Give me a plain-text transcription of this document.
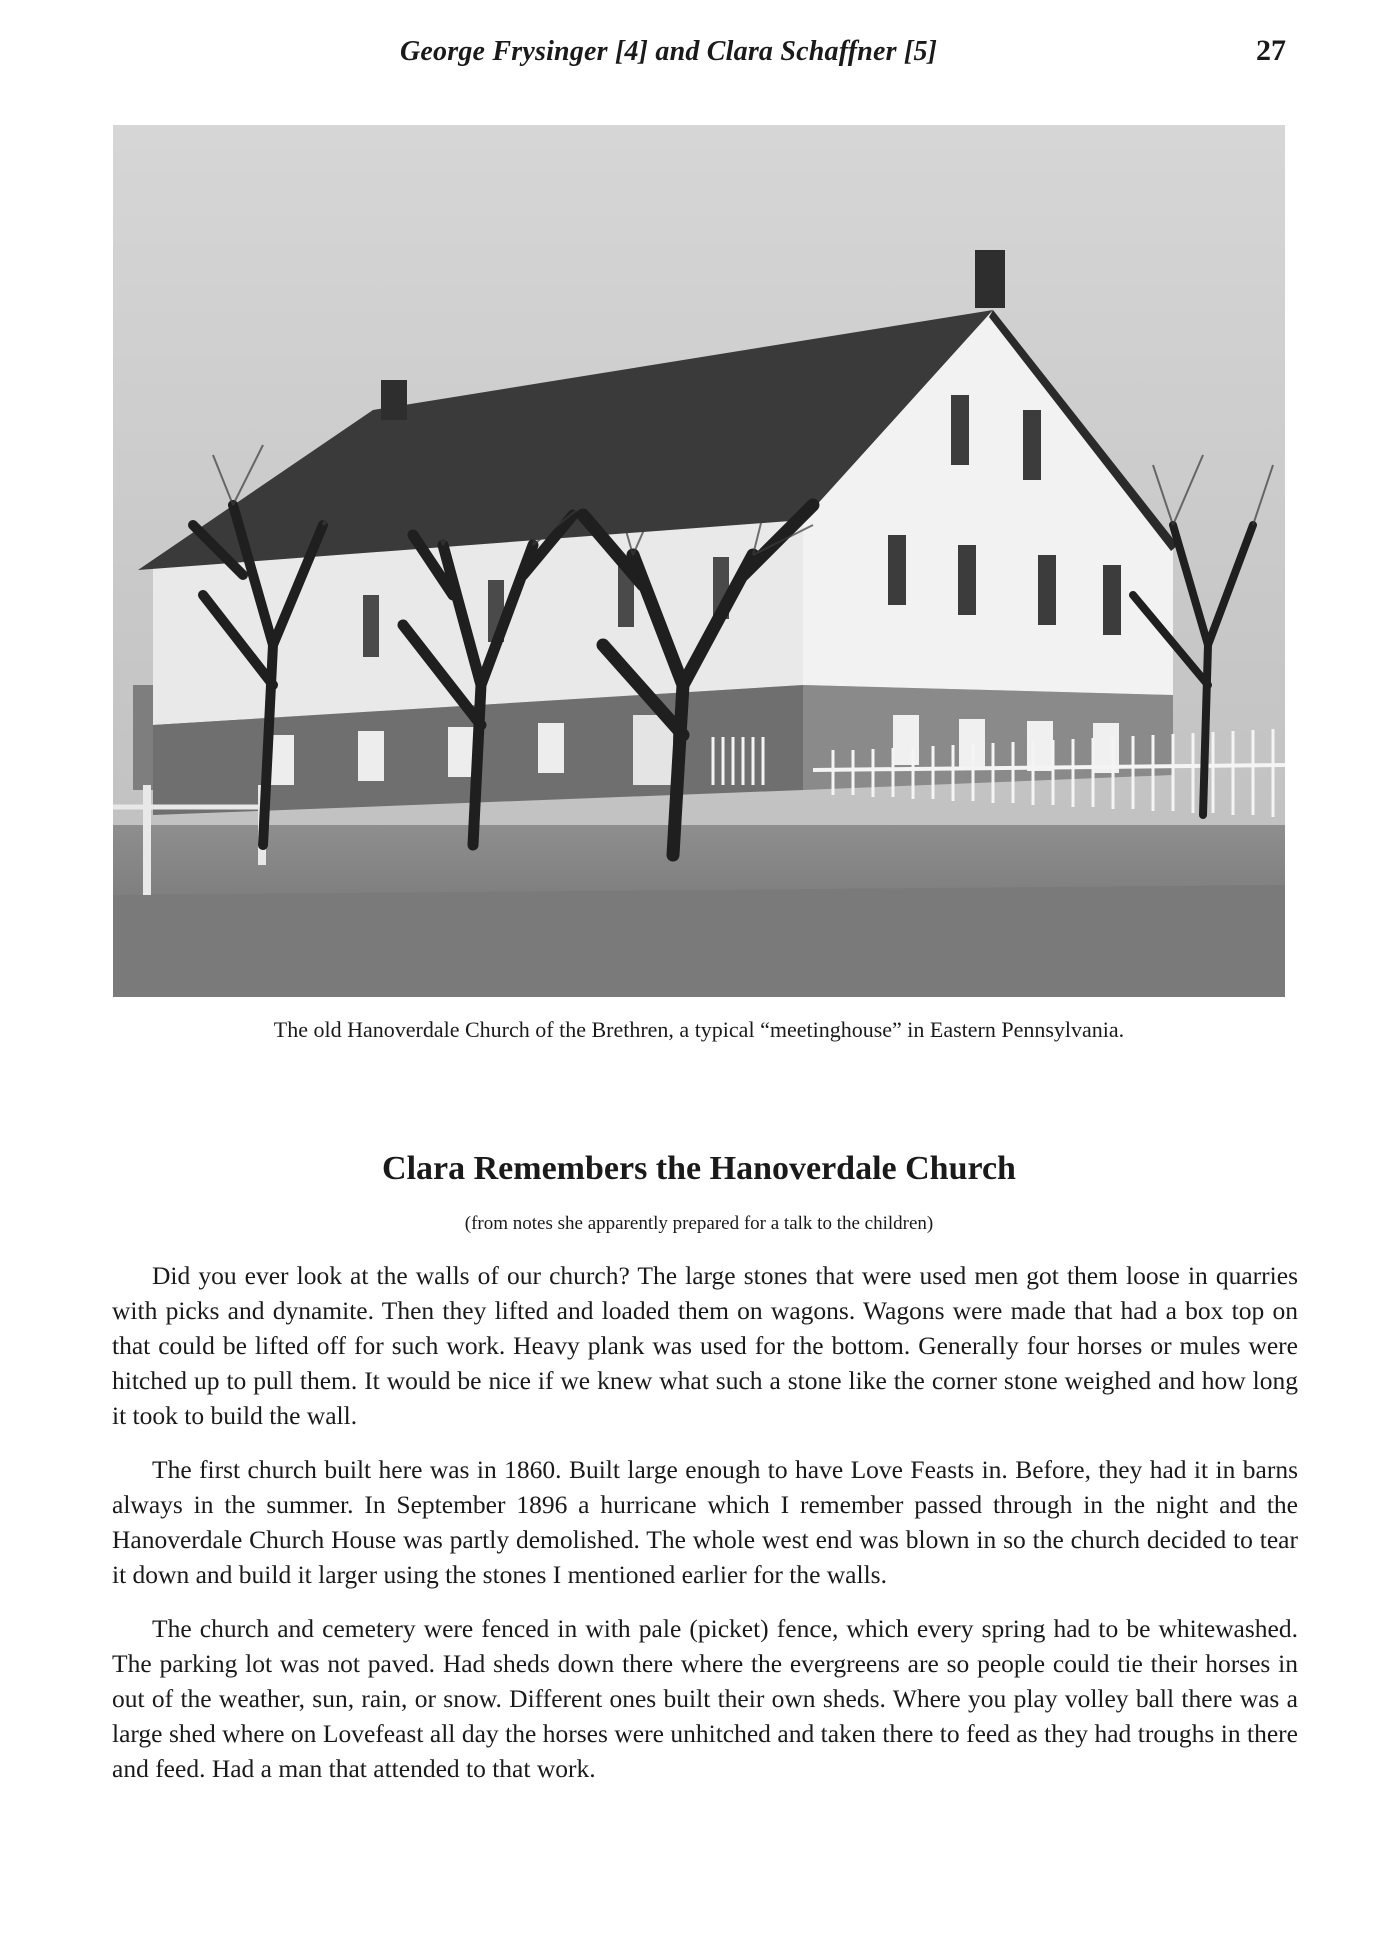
George Frysinger [4] and Clara Schaffner [5]	27
The old Hanoverdale Church of the Brethren, a typical “meetinghouse” in Eastern Pennsylvania.
Clara Remembers the Hanoverdale Church
(from notes she apparently prepared for a talk to the children)

Did you ever look at the walls of our church? The large stones that were used men got them loose in quarries with picks and dynamite. Then they lifted and loaded them on wagons. Wagons were made that had a box top on that could be lifted off for such work. Heavy plank was used for the bottom. Generally four horses or mules were hitched up to pull them. It would be nice if we knew what such a stone like the corner stone weighed and how long it took to build the wall.

The first church built here was in 1860. Built large enough to have Love Feasts in. Before, they had it in barns always in the summer. In September 1896 a hurricane which I remember passed through in the night and the Hanoverdale Church House was partly demolished. The whole west end was blown in so the church decided to tear it down and build it larger using the stones I mentioned earlier for the walls.

The church and cemetery were fenced in with pale (picket) fence, which every spring had to be whitewashed. The parking lot was not paved. Had sheds down there where the evergreens are so people could tie their horses in out of the weather, sun, rain, or snow. Different ones built their own sheds. Where you play volley ball there was a large shed where on Lovefeast all day the horses were unhitched and taken there to feed as they had troughs in there and feed. Had a man that attended to that work.
